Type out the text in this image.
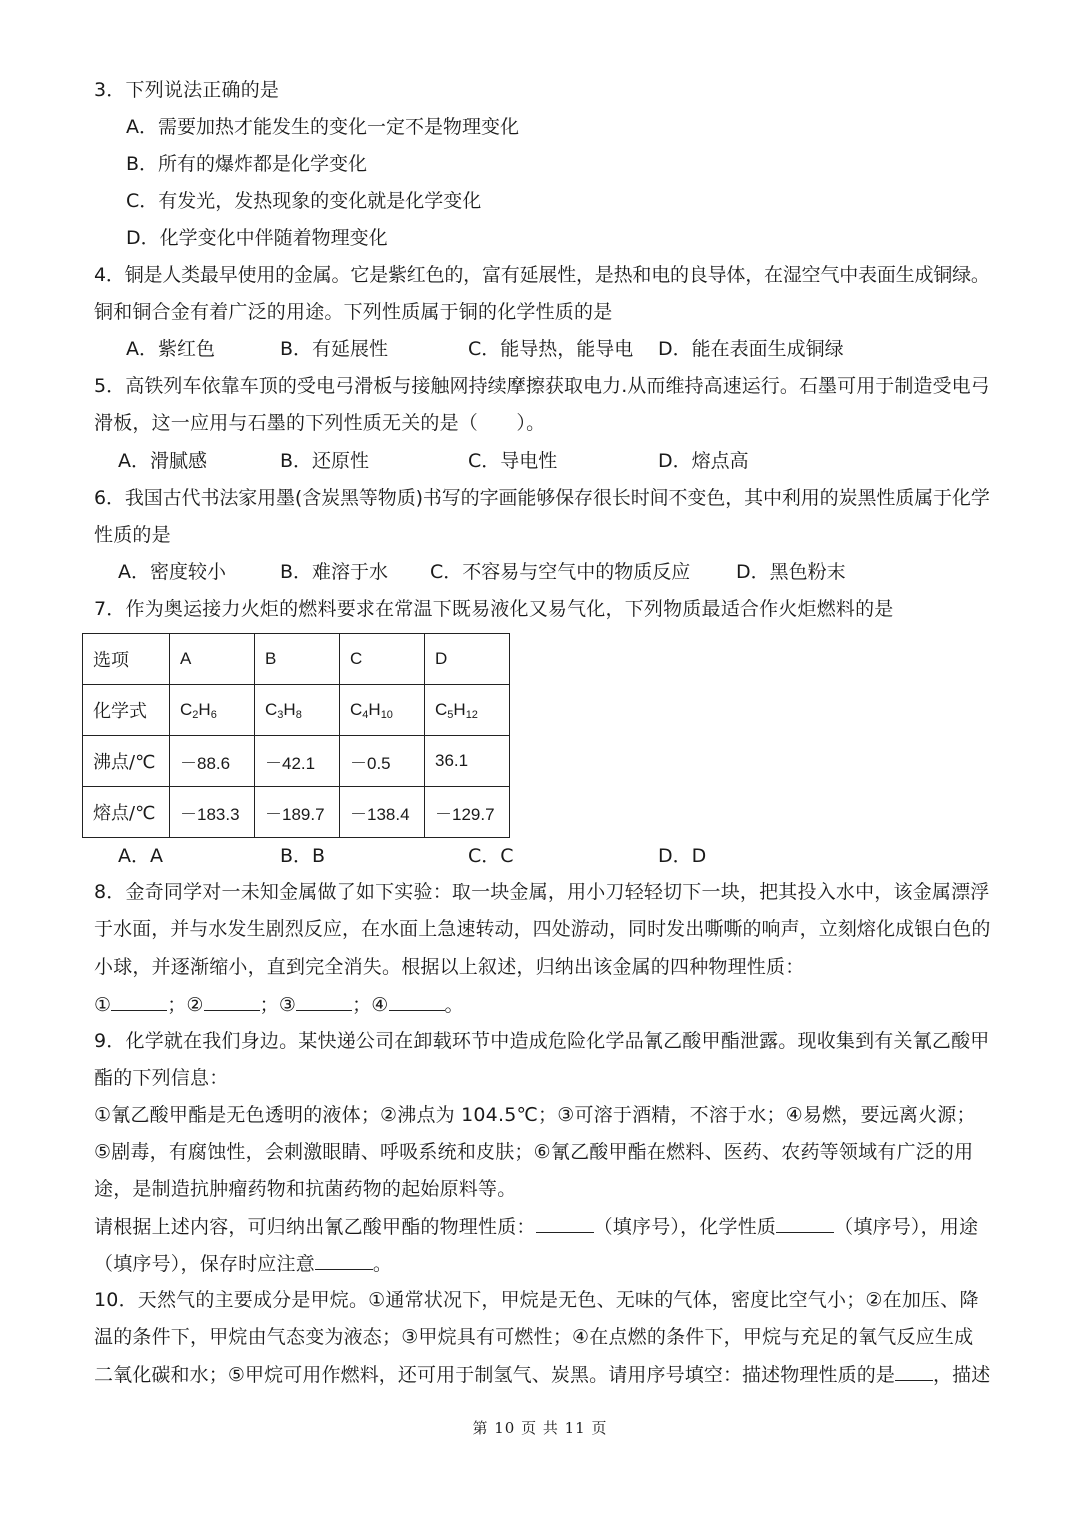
3．下列说法正确的是
A．需要加热才能发生的变化一定不是物理变化
B．所有的爆炸都是化学变化
C．有发光，发热现象的变化就是化学变化
D．化学变化中伴随着物理变化
4．铜是人类最早使用的金属。它是紫红色的，富有延展性，是热和电的良导体，在湿空气中表面生成铜绿。
铜和铜合金有着广泛的用途。下列性质属于铜的化学性质的是
A．紫红色	B．有延展性	C．能导热，能导电 D．能在表面生成铜绿
5．高铁列车依靠车顶的受电弓滑板与接触网持续摩擦获取电力.从而维持高速运行。石墨可用于制造受电弓
滑板，这一应用与石墨的下列性质无关的是（　　）。
A．滑腻感	B．还原性	C．导电性	D．熔点高
6．我国古代书法家用墨(含炭黑等物质)书写的字画能够保存很长时间不变色，其中利用的炭黑性质属于化学
性质的是
A．密度较小	B．难溶于水 C．不容易与空气中的物质反应 D．黑色粉末
7．作为奥运接力火炬的燃料要求在常温下既易液化又易气化，下列物质最适合作火炬燃料的是
选项	A	B	C	D
化学式	$C_2H_6$	$C_3H_8$	$C_4H_{10}$	$C_5H_{12}$
沸点/℃	－88.6	－42.1	－0.5	36.1
熔点/℃	－183.3	－189.7	－138.4	－129.7
A．A	B．B	C．C	D．D
8．金奇同学对一未知金属做了如下实验：取一块金属，用小刀轻轻切下一块，把其投入水中，该金属漂浮
于水面，并与水发生剧烈反应，在水面上急速转动，四处游动，同时发出嘶嘶的响声，立刻熔化成银白色的
小球，并逐渐缩小，直到完全消失。根据以上叙述，归纳出该金属的四种物理性质：
①	；②	；③	；④	。
9．化学就在我们身边。某快递公司在卸载环节中造成危险化学品氰乙酸甲酯泄露。现收集到有关氰乙酸甲
酯的下列信息：
①氰乙酸甲酯是无色透明的液体；②沸点为 104.5℃；③可溶于酒精，不溶于水；④易燃，要远离火源；
⑤剧毒，有腐蚀性，会刺激眼睛、呼吸系统和皮肤；⑥氰乙酸甲酯在燃料、医药、农药等领域有广泛的用
途，是制造抗肿瘤药物和抗菌药物的起始原料等。
请根据上述内容，可归纳出氰乙酸甲酯的物理性质：	（填序号），化学性质	（填序号），用途
（填序号），保存时应注意	。
10．天然气的主要成分是甲烷。①通常状况下，甲烷是无色、无味的气体，密度比空气小；②在加压、降
温的条件下，甲烷由气态变为液态；③甲烷具有可燃性；④在点燃的条件下，甲烷与充足的氧气反应生成
二氧化碳和水；⑤甲烷可用作燃料，还可用于制氢气、炭黑。请用序号填空：描述物理性质的是 ，描述
第 10 页 共 11 页
